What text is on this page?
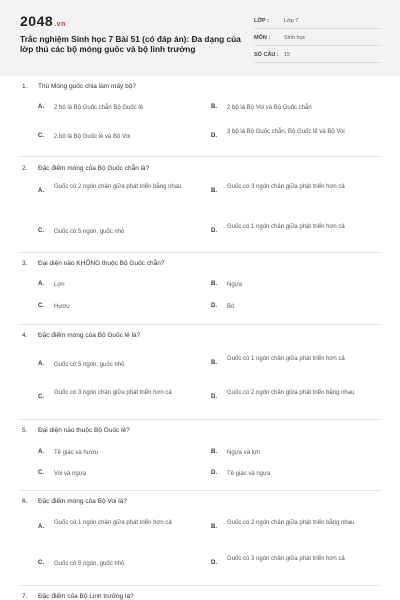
2048.vn
Trắc nghiệm Sinh học 7 Bài 51 (có đáp án): Đa dạng của lớp thú các bộ móng guốc và bộ linh trưởng
LỚP :	Lớp 7
MÔN :	Sinh học
SỐ CÂU : 15
1. Thú Móng guốc chia làm mấy bộ?
A. 2 bộ là Bộ Guốc chẵn Bộ Guốc lẻ	B. 2 bộ là Bộ Voi và Bộ Guốc chẵn
C. 2 bộ là Bộ Guốc lẻ và Bộ Voi	D.
3 bộ là Bộ Guốc chẵn, Bộ Guốc lẻ và Bộ Voi
2. Đặc điểm móng của Bộ Guốc chẵn là?
A.
Guốc có 2 ngón chân giữa phát triển bằng nhau
B.
Guốc có 3 ngón chân giữa phát triển hơn cả
C. Guốc có 5 ngón, guốc nhỏ	D.
Guốc có 1 ngón chân giữa phát triển hơn cả
3. Đại diện nào KHÔNG thuộc Bộ Guốc chẵn?
A. Lợn	B. Ngựa
C. Hươu	D. Bò
4. Đặc điểm móng của Bộ Guốc lẻ là?
A. Guốc có 5 ngón, guốc nhỏ	B.
Guốc có 1 ngón chân giữa phát triển hơn cả
C.
Guốc có 3 ngón chân giữa phát triển hơn cả
D.
Guốc có 2 ngón chân giữa phát triển bằng nhau
5. Đại diện nào thuộc Bộ Guốc lẻ?
A. Tê giác và hươu	B. Ngựa và lợn
C. Voi và ngựa	D. Tê giác và ngựa
6. Đặc điểm móng của Bộ Voi là?
A.
Guốc có 1 ngón chân giữa phát triển hơn cả
B.
Guốc có 2 ngón chân giữa phát triển bằng nhau
C. Guốc có 5 ngón, guốc nhỏ	D.
Guốc có 3 ngón chân giữa phát triển hơn cả
7. Đặc điểm của Bộ Linh trưởng là?
